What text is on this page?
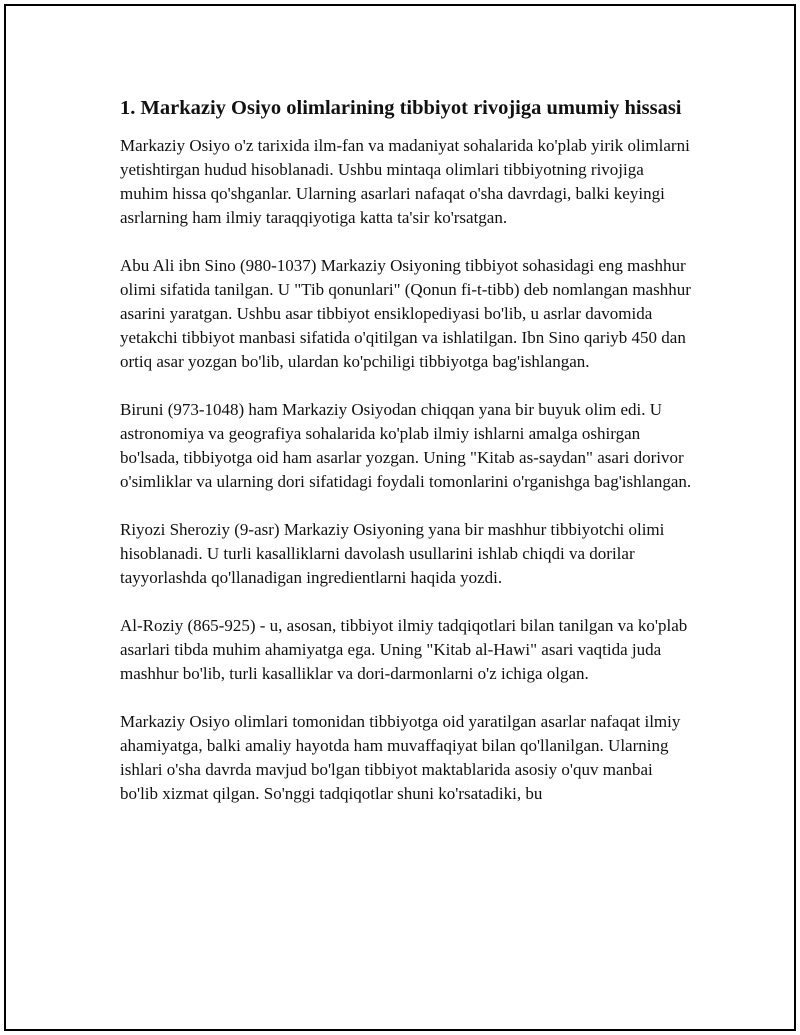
1. Markaziy Osiyo olimlarining tibbiyot rivojiga umumiy hissasi

Markaziy Osiyo o'z tarixida ilm-fan va madaniyat sohalarida ko'plab yirik olimlarni yetishtirgan hudud hisoblanadi. Ushbu mintaqa olimlari tibbiyotning rivojiga muhim hissa qo'shganlar. Ularning asarlari nafaqat o'sha davrdagi, balki keyingi asrlarning ham ilmiy taraqqiyotiga katta ta'sir ko'rsatgan.

Abu Ali ibn Sino (980-1037) Markaziy Osiyoning tibbiyot sohasidagi eng mashhur olimi sifatida tanilgan. U "Tib qonunlari" (Qonun fi-t-tibb) deb nomlangan mashhur asarini yaratgan. Ushbu asar tibbiyot ensiklopediyasi bo'lib, u asrlar davomida yetakchi tibbiyot manbasi sifatida o'qitilgan va ishlatilgan. Ibn Sino qariyb 450 dan ortiq asar yozgan bo'lib, ulardan ko'pchiligi tibbiyotga bag'ishlangan.

Biruni (973-1048) ham Markaziy Osiyodan chiqqan yana bir buyuk olim edi. U astronomiya va geografiya sohalarida ko'plab ilmiy ishlarni amalga oshirgan bo'lsada, tibbiyotga oid ham asarlar yozgan. Uning "Kitab as-saydan" asari dorivor o'simliklar va ularning dori sifatidagi foydali tomonlarini o'rganishga bag'ishlangan.

Riyozi Sheroziy (9-asr) Markaziy Osiyoning yana bir mashhur tibbiyotchi olimi hisoblanadi. U turli kasalliklarni davolash usullarini ishlab chiqdi va dorilar tayyorlashda qo'llanadigan ingredientlarni haqida yozdi.

Al-Roziy (865-925) - u, asosan, tibbiyot ilmiy tadqiqotlari bilan tanilgan va ko'plab asarlari tibda muhim ahamiyatga ega. Uning "Kitab al-Hawi" asari vaqtida juda mashhur bo'lib, turli kasalliklar va dori-darmonlarni o'z ichiga olgan.

Markaziy Osiyo olimlari tomonidan tibbiyotga oid yaratilgan asarlar nafaqat ilmiy ahamiyatga, balki amaliy hayotda ham muvaffaqiyat bilan qo'llanilgan. Ularning ishlari o'sha davrda mavjud bo'lgan tibbiyot maktablarida asosiy o'quv manbai bo'lib xizmat qilgan. So'nggi tadqiqotlar shuni ko'rsatadiki, bu
